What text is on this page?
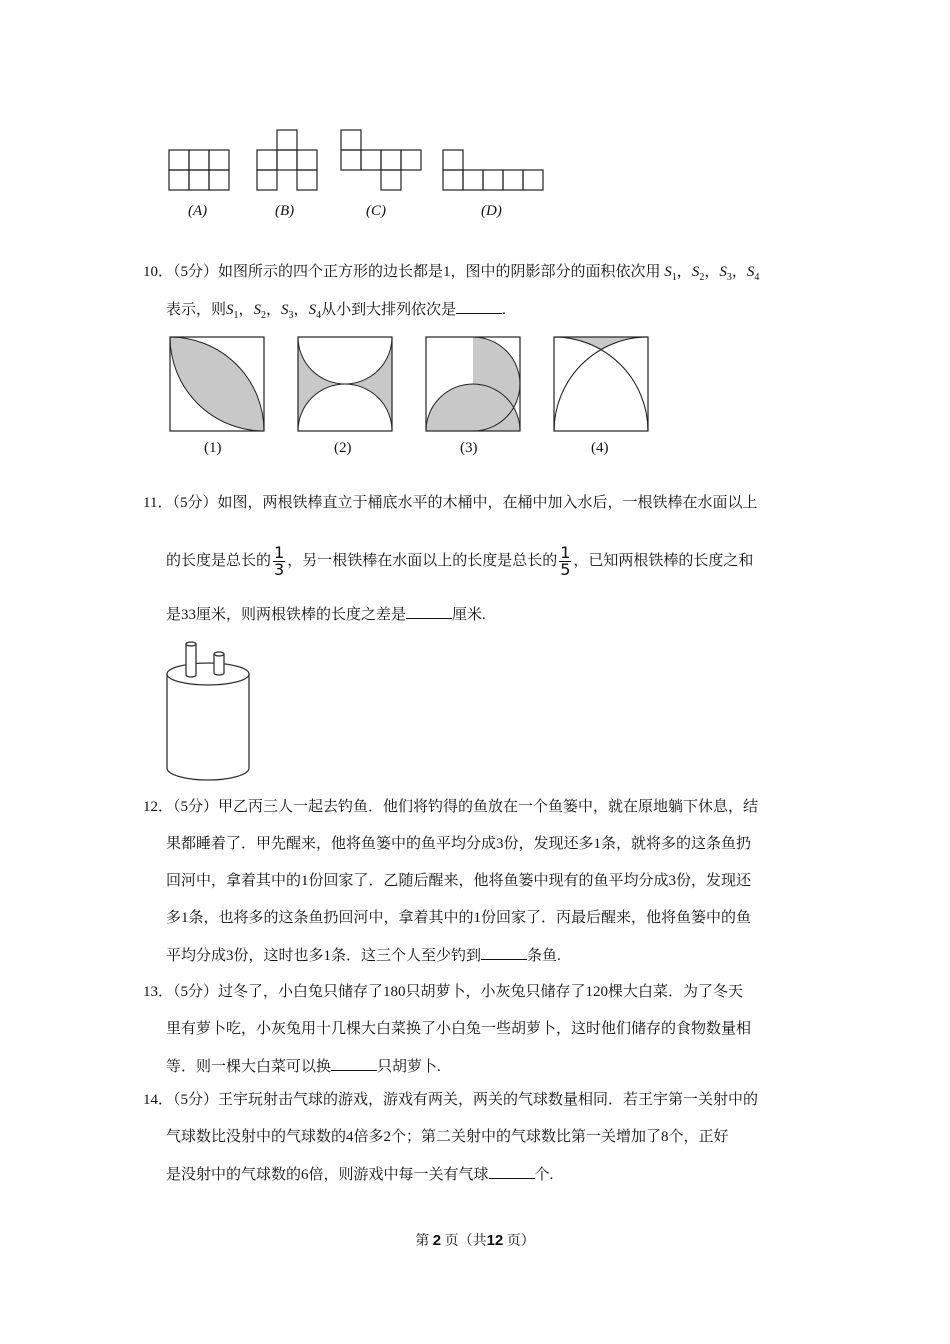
(A)	(B)	(C)	(D)
10．（5分）如图所示的四个正方形的边长都是1，图中的阴影部分的面积依次用 $S_1$，$S_2$，$S_3$，$S_4$
表示，则$S_1$，$S_2$，$S_3$，$S_4$从小到大排列依次是	.
(1)	(2)	(3)	(4)
11．（5分）如图，两根铁棒直立于桶底水平的木桶中，在桶中加入水后，一根铁棒在水面以上
的长度是总长的 $\frac{1}{3}$ ，另一根铁棒在水面以上的长度是总长的 $\frac{1}{5}$ ，已知两根铁棒的长度之和
是33厘米，则两根铁棒的长度之差是	厘米.
12．（5分）甲乙丙三人一起去钓鱼．他们将钓得的鱼放在一个鱼篓中，就在原地躺下休息，结
果都睡着了．甲先醒来，他将鱼篓中的鱼平均分成3份，发现还多1条，就将多的这条鱼扔
回河中，拿着其中的1份回家了．乙随后醒来，他将鱼篓中现有的鱼平均分成3份，发现还
多1条，也将多的这条鱼扔回河中，拿着其中的1份回家了．丙最后醒来，他将鱼篓中的鱼
平均分成3份，这时也多1条．这三个人至少钓到	条鱼.
13．（5分）过冬了，小白兔只储存了180只胡萝卜，小灰兔只储存了120棵大白菜．为了冬天
里有萝卜吃，小灰兔用十几棵大白菜换了小白兔一些胡萝卜，这时他们储存的食物数量相
等．则一棵大白菜可以换	只胡萝卜.
14．（5分）王宇玩射击气球的游戏，游戏有两关，两关的气球数量相同．若王宇第一关射中的
气球数比没射中的气球数的4倍多2个；第二关射中的气球数比第一关增加了8个，正好
是没射中的气球数的6倍，则游戏中每一关有气球	个.
第 2 页（共12 页）
